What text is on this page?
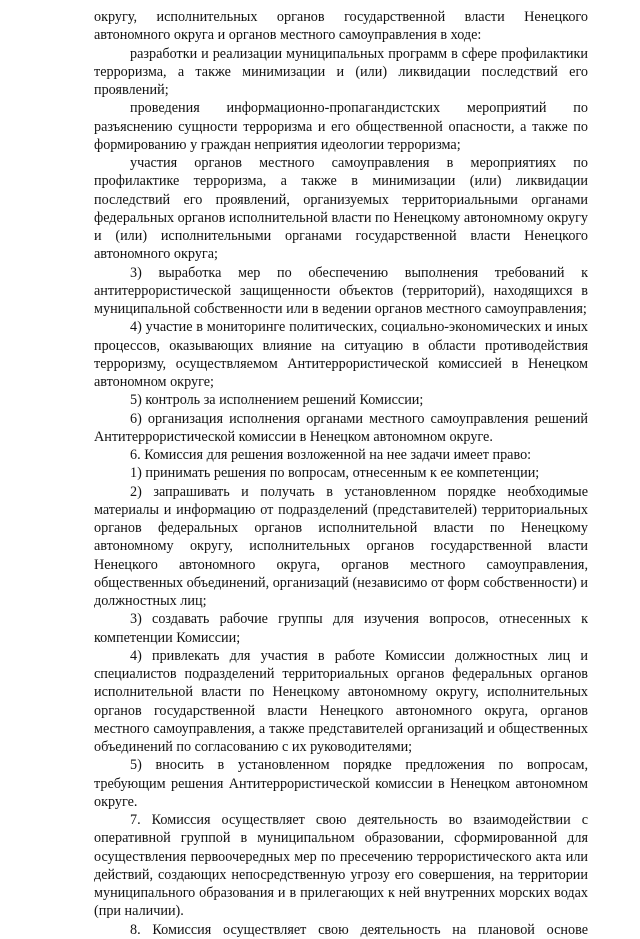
округу, исполнительных органов государственной власти Ненецкого автономного округа и органов местного самоуправления в ходе:

разработки и реализации муниципальных программ в сфере профилактики терроризма, а также минимизации и (или) ликвидации последствий его проявлений;

проведения информационно-пропагандистских мероприятий по разъяснению сущности терроризма и его общественной опасности, а также по формированию у граждан неприятия идеологии терроризма;

участия органов местного самоуправления в мероприятиях по профилактике терроризма, а также в минимизации (или) ликвидации последствий его проявлений, организуемых территориальными органами федеральных органов исполнительной власти по Ненецкому автономному округу и (или) исполнительными органами государственной власти Ненецкого автономного округа;

3) выработка мер по обеспечению выполнения требований к антитеррористической защищенности объектов (территорий), находящихся в муниципальной собственности или в ведении органов местного самоуправления;

4) участие в мониторинге политических, социально-экономических и иных процессов, оказывающих влияние на ситуацию в области противодействия терроризму, осуществляемом Антитеррористической комиссией в Ненецком автономном округе;

5) контроль за исполнением решений Комиссии;

6) организация исполнения органами местного самоуправления решений Антитеррористической комиссии в Ненецком автономном округе.

6. Комиссия для решения возложенной на нее задачи имеет право:

1) принимать решения по вопросам, отнесенным к ее компетенции;

2) запрашивать и получать в установленном порядке необходимые материалы и информацию от подразделений (представителей) территориальных органов федеральных органов исполнительной власти по Ненецкому автономному округу, исполнительных органов государственной власти Ненецкого автономного округа, органов местного самоуправления, общественных объединений, организаций (независимо от форм собственности) и должностных лиц;

3) создавать рабочие группы для изучения вопросов, отнесенных к компетенции Комиссии;

4) привлекать для участия в работе Комиссии должностных лиц и специалистов подразделений территориальных органов федеральных органов исполнительной власти по Ненецкому автономному округу, исполнительных органов государственной власти Ненецкого автономного округа, органов местного самоуправления, а также представителей организаций и общественных объединений по согласованию с их руководителями;

5) вносить в установленном порядке предложения по вопросам, требующим решения Антитеррористической комиссии в Ненецком автономном округе.

7. Комиссия осуществляет свою деятельность во взаимодействии с оперативной группой в муниципальном образовании, сформированной для осуществления первоочередных мер по пресечению террористического акта или действий, создающих непосредственную угрозу его совершения, на территории муниципального образования и в прилегающих к ней внутренних морских водах (при наличии).

8. Комиссия осуществляет свою деятельность на плановой основе
